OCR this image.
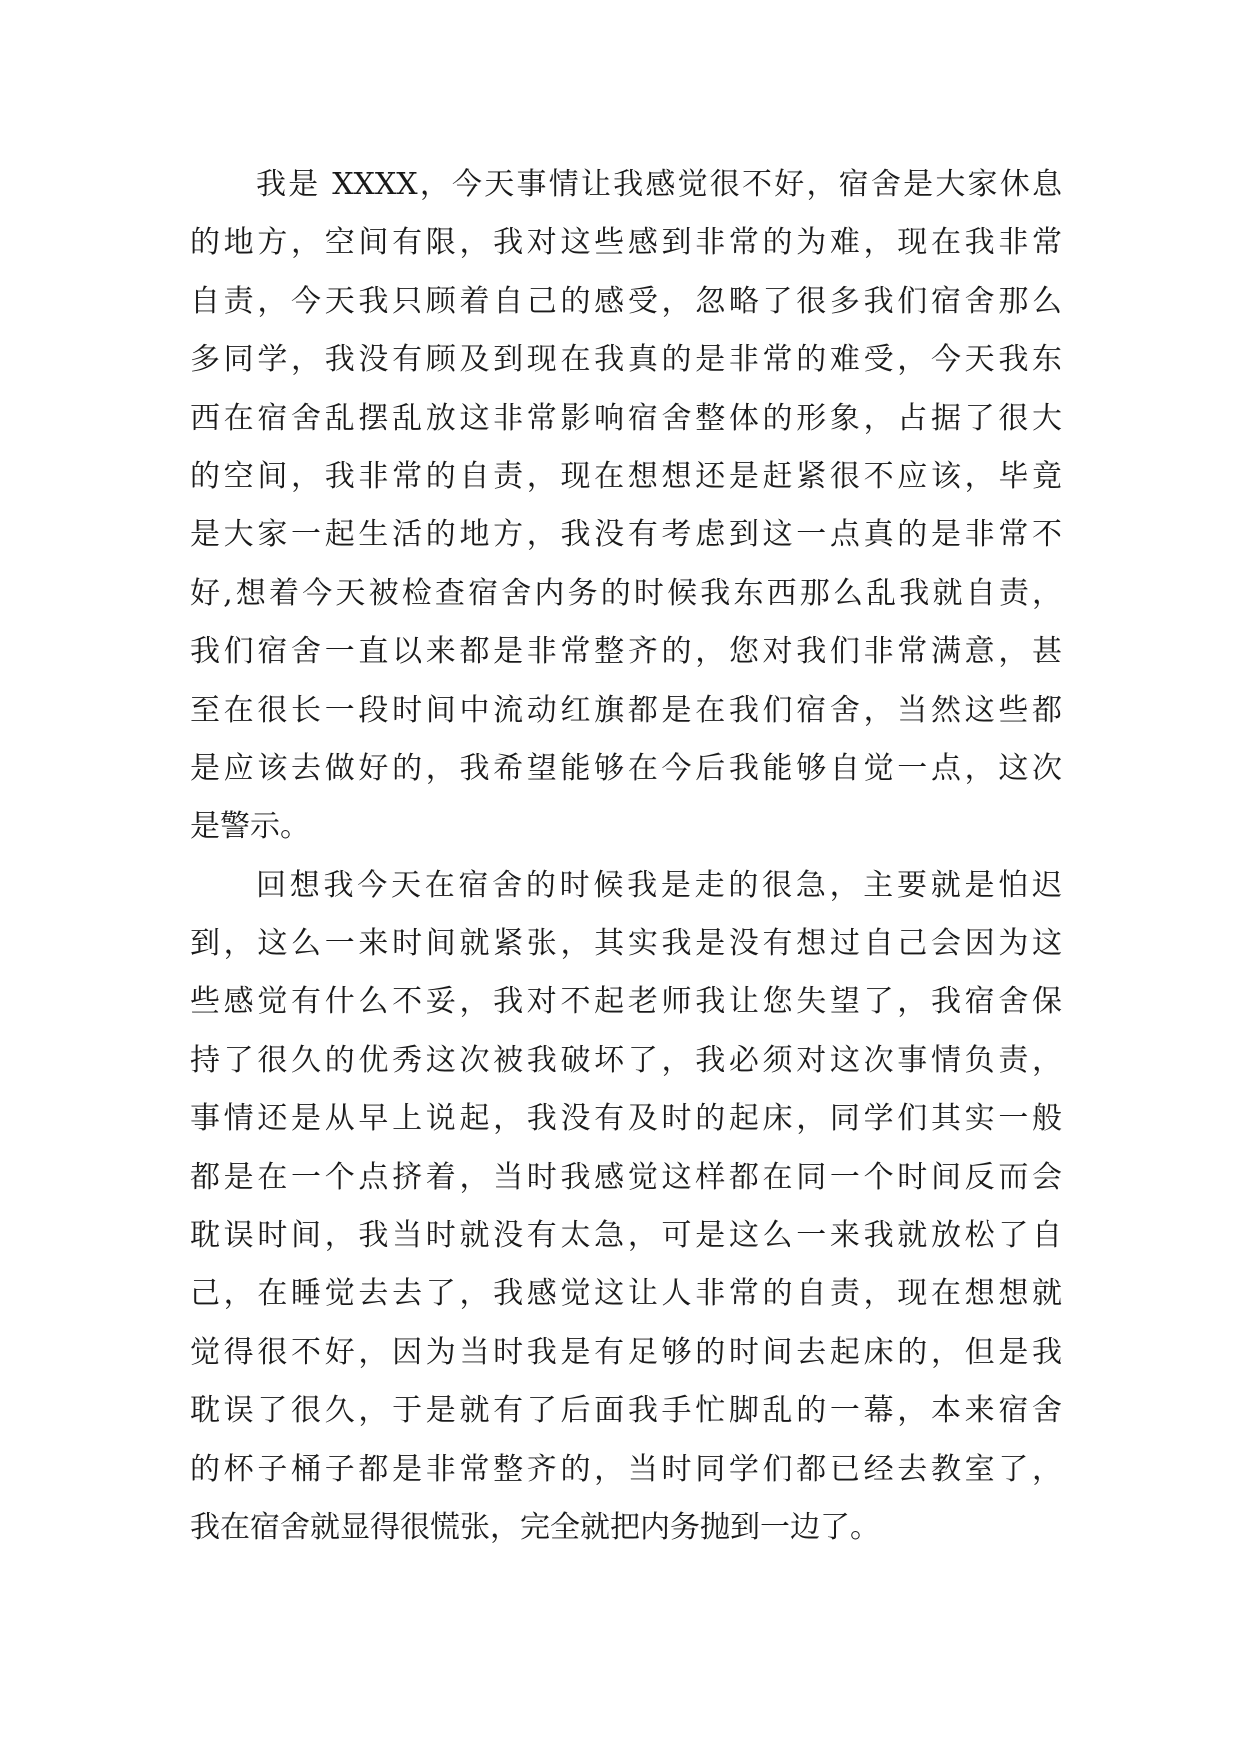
我是 XXXX，今天事情让我感觉很不好，宿舍是大家休息
的地方，空间有限，我对这些感到非常的为难，现在我非常
自责，今天我只顾着自己的感受，忽略了很多我们宿舍那么
多同学，我没有顾及到现在我真的是非常的难受，今天我东
西在宿舍乱摆乱放这非常影响宿舍整体的形象，占据了很大
的空间，我非常的自责，现在想想还是赶紧很不应该，毕竟
是大家一起生活的地方，我没有考虑到这一点真的是非常不
好,想着今天被检查宿舍内务的时候我东西那么乱我就自责，
我们宿舍一直以来都是非常整齐的，您对我们非常满意，甚
至在很长一段时间中流动红旗都是在我们宿舍，当然这些都
是应该去做好的，我希望能够在今后我能够自觉一点，这次
是警示。
回想我今天在宿舍的时候我是走的很急，主要就是怕迟
到，这么一来时间就紧张，其实我是没有想过自己会因为这
些感觉有什么不妥，我对不起老师我让您失望了，我宿舍保
持了很久的优秀这次被我破坏了，我必须对这次事情负责，
事情还是从早上说起，我没有及时的起床，同学们其实一般
都是在一个点挤着，当时我感觉这样都在同一个时间反而会
耽误时间，我当时就没有太急，可是这么一来我就放松了自
己，在睡觉去去了，我感觉这让人非常的自责，现在想想就
觉得很不好，因为当时我是有足够的时间去起床的，但是我
耽误了很久，于是就有了后面我手忙脚乱的一幕，本来宿舍
的杯子桶子都是非常整齐的，当时同学们都已经去教室了，
我在宿舍就显得很慌张，完全就把内务抛到一边了。
